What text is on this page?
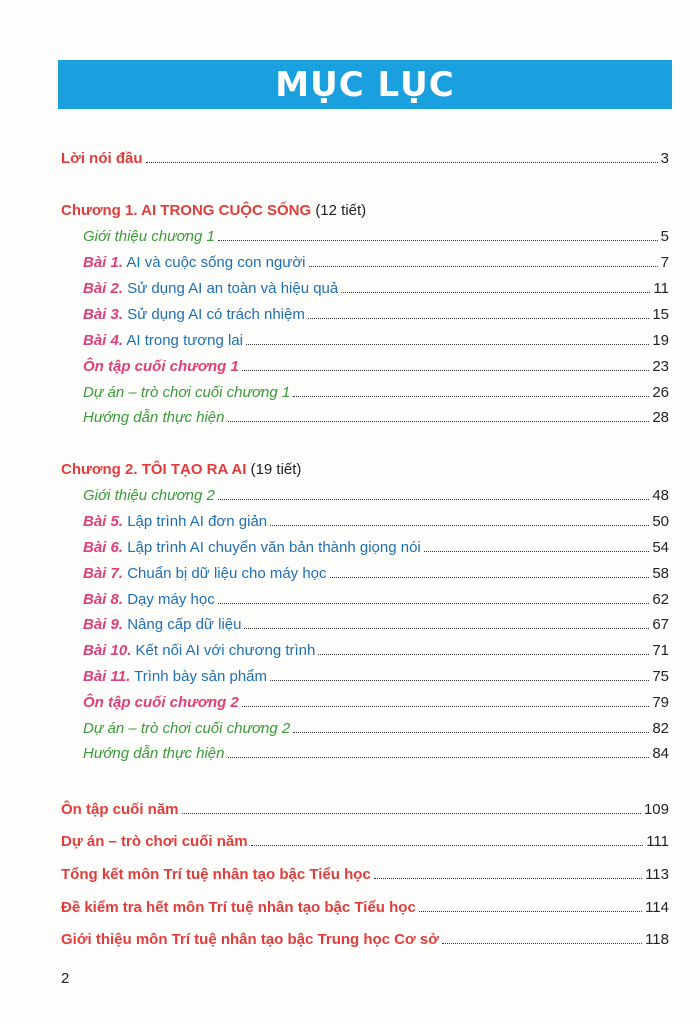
MỤC LỤC
Lời nói đầu	3
Chương 1. AI TRONG CUỘC SỐNG (12 tiết)
Giới thiệu chương 1	5
Bài 1. AI và cuộc sống con người	7
Bài 2. Sử dụng AI an toàn và hiệu quả	11
Bài 3. Sử dụng AI có trách nhiệm	15
Bài 4. AI trong tương lai	19
Ôn tập cuối chương 1	23
Dự án – trò chơi cuối chương 1	26
Hướng dẫn thực hiện	28
Chương 2. TÔI TẠO RA AI (19 tiết)
Giới thiệu chương 2	48
Bài 5. Lập trình AI đơn giản	50
Bài 6. Lập trình AI chuyển văn bản thành giọng nói	54
Bài 7. Chuẩn bị dữ liệu cho máy học	58
Bài 8. Dạy máy học	62
Bài 9. Nâng cấp dữ liệu	67
Bài 10. Kết nối AI với chương trình	71
Bài 11. Trình bày sản phẩm	75
Ôn tập cuối chương 2	79
Dự án – trò chơi cuối chương 2	82
Hướng dẫn thực hiện	84
Ôn tập cuối năm	109
Dự án – trò chơi cuối năm	111
Tổng kết môn Trí tuệ nhân tạo bậc Tiểu học	113
Đề kiểm tra hết môn Trí tuệ nhân tạo bậc Tiểu học	114
Giới thiệu môn Trí tuệ nhân tạo bậc Trung học Cơ sở	118
2
